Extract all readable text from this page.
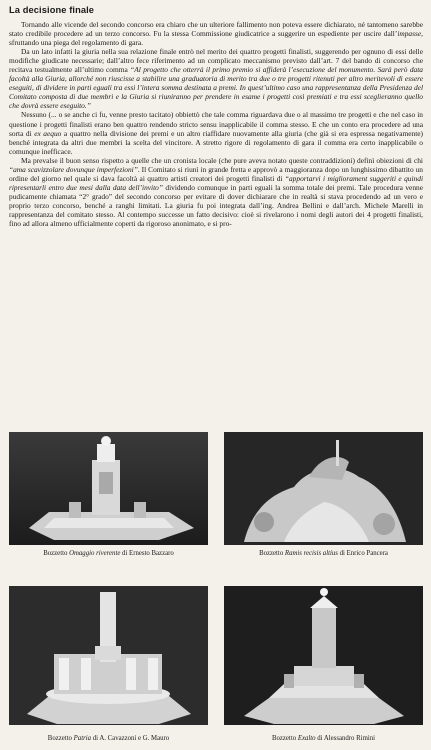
La decisione finale

Tornando alle vicende del secondo concorso era chiaro che un ulteriore fallimento non poteva essere dichiarato, né tantomeno sarebbe stato credibile procedere ad un terzo concorso. Fu la stessa Commissione giudicatrice a suggerire un espediente per uscire dall’impasse, sfruttando una piega del regolamento di gara.

Da un lato infatti la giuria nella sua relazione finale entrò nel merito dei quattro progetti finalisti, suggerendo per ognuno di essi delle modifiche giudicate necessarie; dall’altro fece riferimento ad un complicato meccanismo previsto dall’art. 7 del bando di concorso che recitava testualmente all’ultimo comma “Al progetto che otterrà il primo premio si affiderà l’esecuzione del monumento. Sarà però data facoltà alla Giuria, allorché non riuscisse a stabilire una graduatoria di merito tra due o tre progetti ritenuti per altro meritevoli di essere eseguiti, di dividere in parti eguali tra essi l’intera somma destinata a premi. In quest’ultimo caso una rappresentanza della Presidenza del Comitato composta di due membri e la Giuria si riuniranno per prendere in esame i progetti così premiati e tra essi sceglieranno quello che dovrà essere eseguito.”

Nessuno (... o se anche ci fu, venne presto tacitato) obbiettò che tale comma riguardava due o al massimo tre progetti e che nel caso in questione i progetti finalisti erano ben quattro rendendo stricto sensu inapplicabile il comma stesso. E che un conto era procedere ad una sorta di ex aequo a quattro nella divisione dei premi e un altro riaffidare nuovamente alla giuria (che già si era espressa negativamente) benché integrata da altri due membri la scelta del vincitore. A stretto rigore di regolamento di gara il comma era certo inapplicabile o comunque inefficace.

Ma prevalse il buon senso rispetto a quelle che un cronista locale (che pure aveva notato queste contraddizioni) definì obiezioni di chi “ama scavizzolare dovunque imperfezioni”. Il Comitato si riunì in grande fretta e approvò a maggioranza dopo un lunghissimo dibattito un ordine del giorno nel quale si dava facoltà ai quattro artisti creatori dei progetti finalisti di “apportarvi i migliorament suggeriti e quindi ripresentarli entro due mesi dalla data dell’invito” dividendo comunque in parti eguali la somma totale dei premi. Tale procedura venne pudicamente chiamata “2° grado” del secondo concorso per evitare di dover dichiarare che in realtà si stava procedendo ad un vero e proprio terzo concorso, benché a ranghi limitati. La giuria fu poi integrata dall’ing. Andrea Bellini e dall’arch. Michele Marelli in rappresentanza del comitato stesso. Al contempo successe un fatto decisivo: cioè si rivelarono i nomi degli autori dei 4 progetti finalisti, fino ad allora almeno ufficialmente coperti da rigoroso anonimato, e si pro-

Bozzetto Omaggio riverente di Ernesto Bazzaro	Bozzetto Ramis recisis altius di Enrico Pancera
Bozzetto Patria di A. Cavazzoni e G. Mauro	Bozzetto Exalto di Alessandro Rimini
